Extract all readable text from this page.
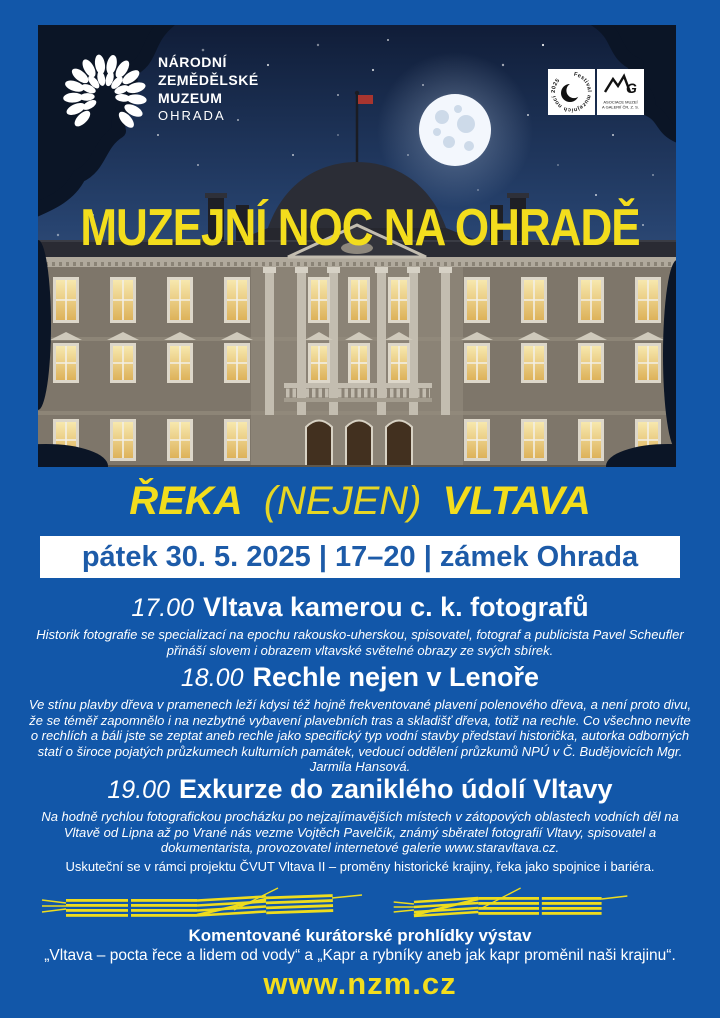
NÁRODNÍ
ZEMĚDĚLSKÉ
MUZEUM
OHRADA
Festival muzejních nocí 2025	G
ASOCIACE MUZEÍ
A GALERIÍ ČR, Z. S.
MUZEJNÍ NOC NA OHRADĚ
ŘEKA (NEJEN) VLTAVA
pátek 30. 5. 2025 | 17–20 | zámek Ohrada
17.00 Vltava kamerou c. k. fotografů
Historik fotografie se specializací na epochu rakousko-uherskou, spisovatel, fotograf a publicista Pavel Scheufler přináší slovem i obrazem vltavské světelné obrazy ze svých sbírek.
18.00 Rechle nejen v Lenoře
Ve stínu plavby dřeva v pramenech leží kdysi též hojně frekventované plavení polenového dřeva, a není proto divu, že se téměř zapomnělo i na nezbytné vybavení plavebních tras a skladišť dřeva, totiž na rechle. Co všechno nevíte o rechlích a báli jste se zeptat aneb rechle jako specifický typ vodní stavby představí historička, autorka odborných statí o široce pojatých průzkumech kulturních památek, vedoucí oddělení průzkumů NPÚ v Č. Budějovicích Mgr. Jarmila Hansová.
19.00 Exkurze do zaniklého údolí Vltavy
Na hodně rychlou fotografickou procházku po nejzajímavějších místech v zátopových oblastech vodních děl na Vltavě od Lipna až po Vrané nás vezme Vojtěch Pavelčík, známý sběratel fotografií Vltavy, spisovatel a dokumentarista, provozovatel internetové galerie www.staravltava.cz.
Uskuteční se v rámci projektu ČVUT Vltava II – proměny historické krajiny, řeka jako spojnice i bariéra.
Komentované kurátorské prohlídky výstav
„Vltava – pocta řece a lidem od vody“ a „Kapr a rybníky aneb jak kapr proměnil naši krajinu“.
www.nzm.cz
